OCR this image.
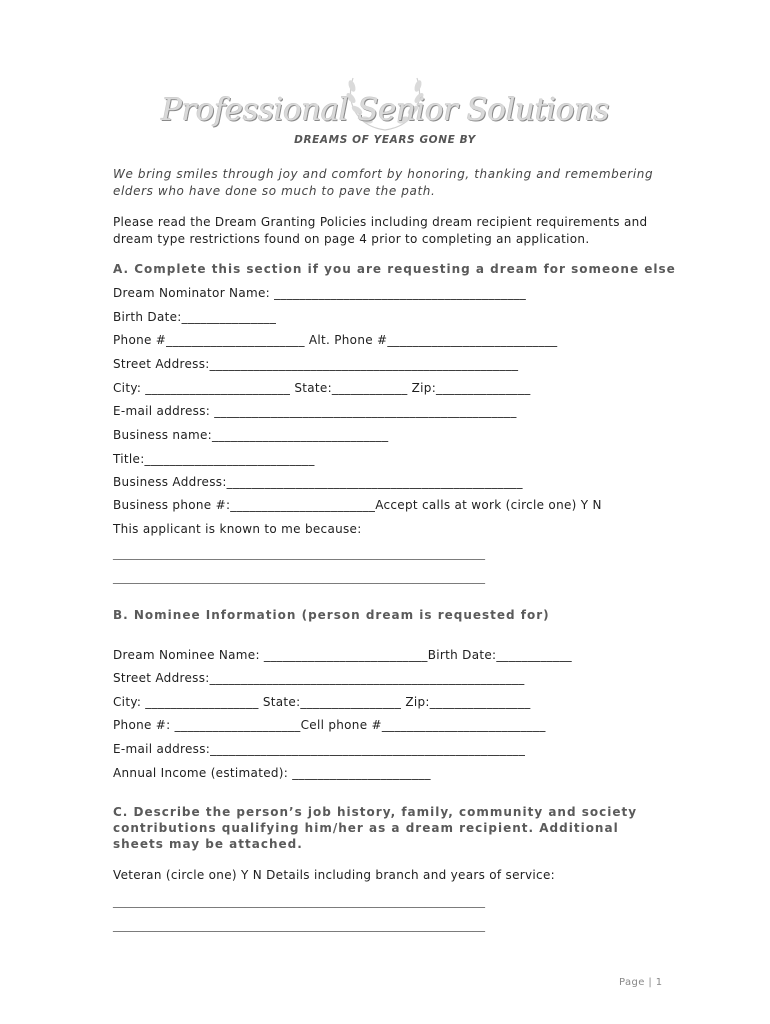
Professional Senior Solutions
DREAMS OF YEARS GONE BY
We bring smiles through joy and comfort by honoring, thanking and remembering elders who have done so much to pave the path.
Please read the Dream Granting Policies including dream recipient requirements and dream type restrictions found on page 4 prior to completing an application.
A. Complete this section if you are requesting a dream for someone else
Dream Nominator Name: ________________________________________
Birth Date:_______________
Phone #______________________ Alt. Phone #___________________________
Street Address:_________________________________________________
City: _______________________ State:____________ Zip:_______________
E-mail address: ________________________________________________
Business name:____________________________
Title:___________________________
Business Address:_______________________________________________
Business phone #:_______________________Accept calls at work (circle one) Y N
This applicant is known to me because:
______________________________________________________________
______________________________________________________________
B. Nominee Information (person dream is requested for)
Dream Nominee Name: __________________________Birth Date:____________
Street Address:__________________________________________________
City: __________________ State:________________ Zip:________________
Phone #: ____________________Cell phone #__________________________
E-mail address:__________________________________________________
Annual Income (estimated): ______________________
C. Describe the person’s job history, family, community and society contributions qualifying him/her as a dream recipient. Additional sheets may be attached.
Veteran (circle one) Y N Details including branch and years of service:
______________________________________________________________
______________________________________________________________
Page | 1
